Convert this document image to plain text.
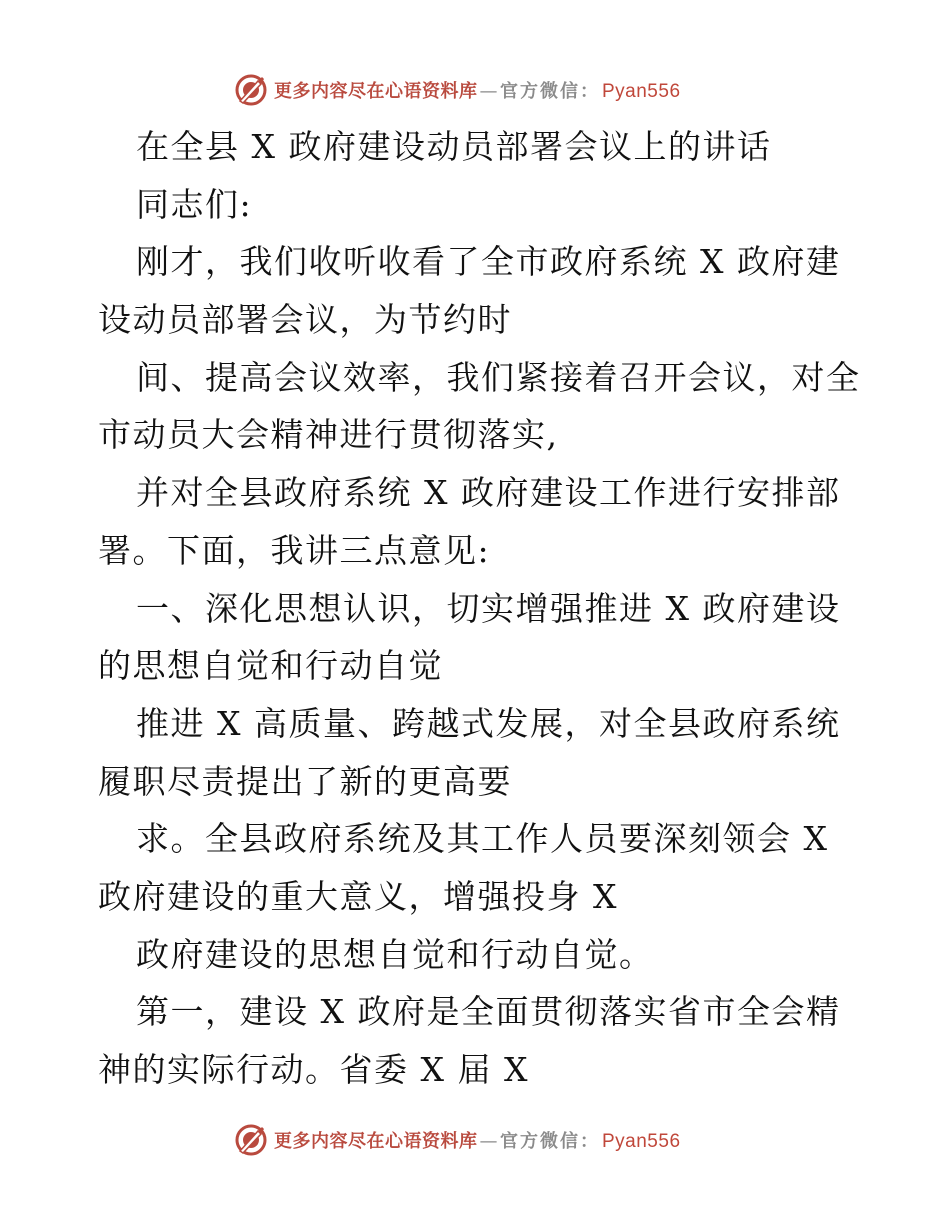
更多内容尽在心语资料库 — 官方微信： Pyan556
在全县 X 政府建设动员部署会议上的讲话
同志们:
刚才，我们收听收看了全市政府系统 X 政府建
设动员部署会议，为节约时
间、提高会议效率，我们紧接着召开会议，对全
市动员大会精神进行贯彻落实,
并对全县政府系统 X 政府建设工作进行安排部
署。下面，我讲三点意见:
一、深化思想认识，切实增强推进 X 政府建设
的思想自觉和行动自觉
推进 X 高质量、跨越式发展，对全县政府系统
履职尽责提出了新的更高要
求。全县政府系统及其工作人员要深刻领会 X
政府建设的重大意义，增强投身 X
政府建设的思想自觉和行动自觉。
第一，建设 X 政府是全面贯彻落实省市全会精
神的实际行动。省委 X 届 X
更多内容尽在心语资料库 — 官方微信： Pyan556
